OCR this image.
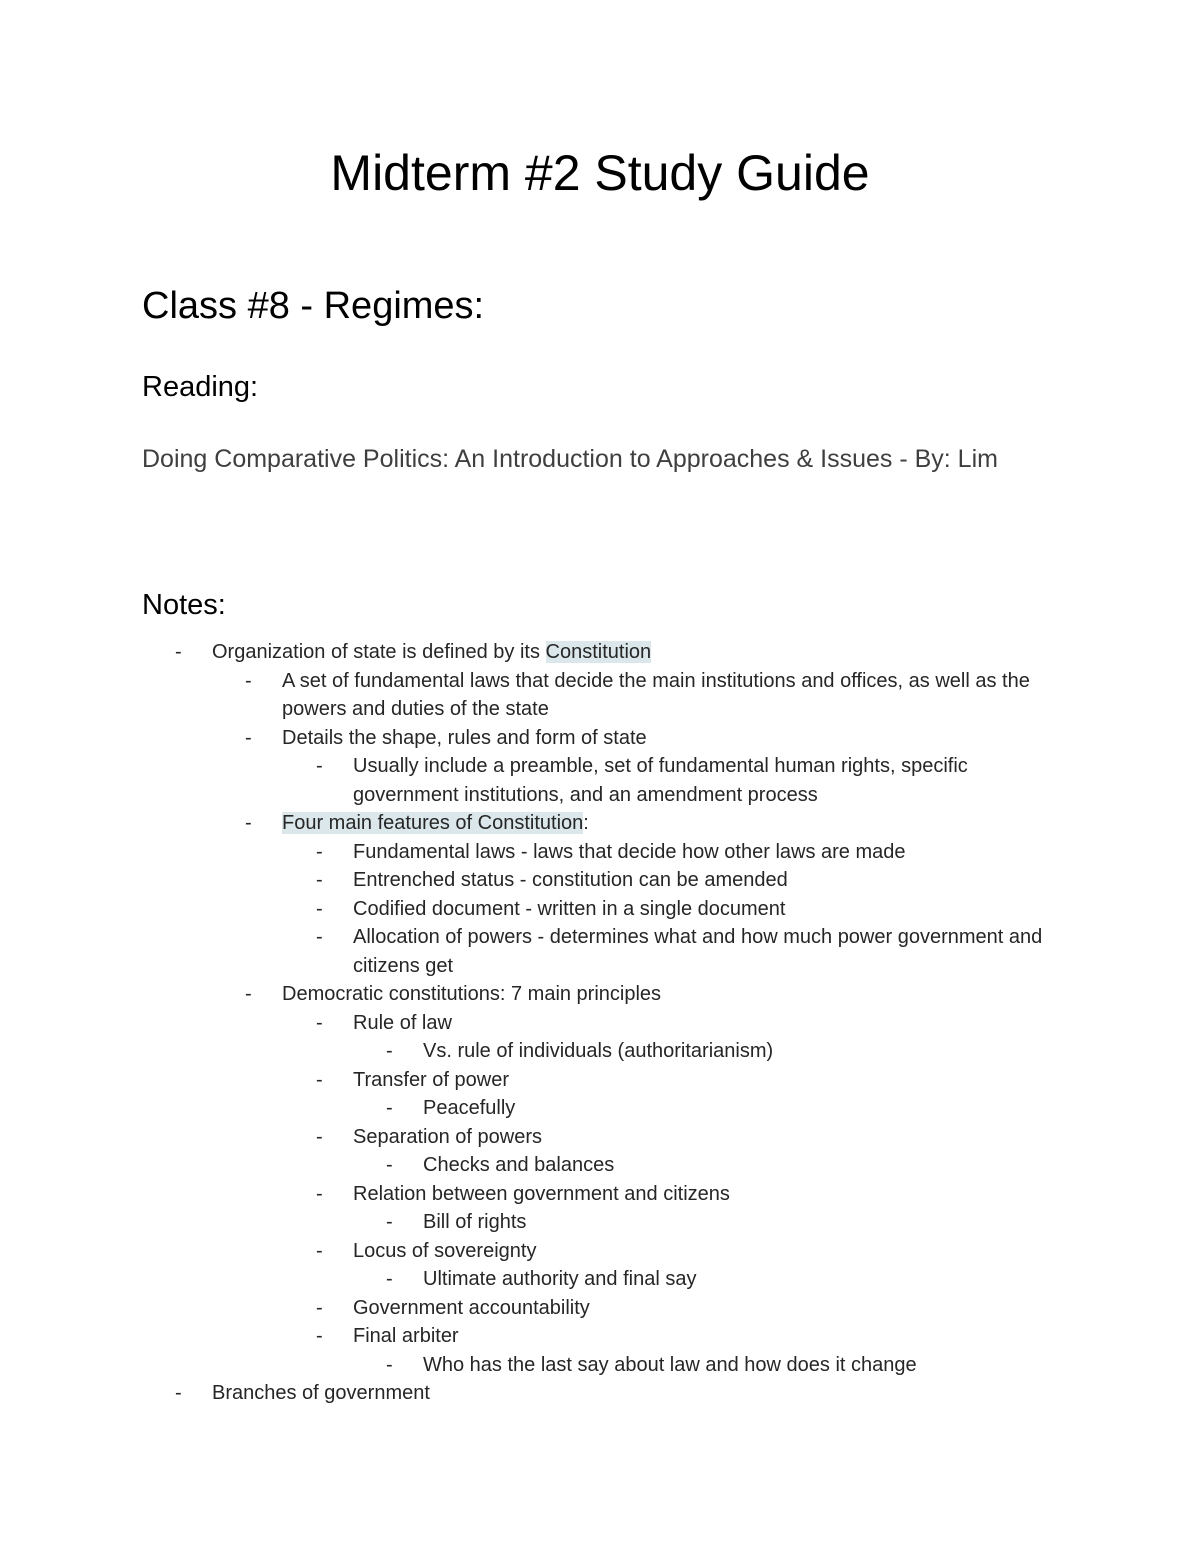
Midterm #2 Study Guide
Class #8 - Regimes:
Reading:

Doing Comparative Politics: An Introduction to Approaches & Issues - By: Lim

Notes:
- Organization of state is defined by its Constitution
- A set of fundamental laws that decide the main institutions and offices, as well as the powers and duties of the state
- Details the shape, rules and form of state
- Usually include a preamble, set of fundamental human rights, specific government institutions, and an amendment process
- Four main features of Constitution:
- Fundamental laws - laws that decide how other laws are made
- Entrenched status - constitution can be amended
- Codified document - written in a single document
- Allocation of powers - determines what and how much power government and citizens get
- Democratic constitutions: 7 main principles
- Rule of law
- Vs. rule of individuals (authoritarianism)
- Transfer of power
- Peacefully
- Separation of powers
- Checks and balances
- Relation between government and citizens
- Bill of rights
- Locus of sovereignty
- Ultimate authority and final say
- Government accountability
- Final arbiter
- Who has the last say about law and how does it change
- Branches of government
